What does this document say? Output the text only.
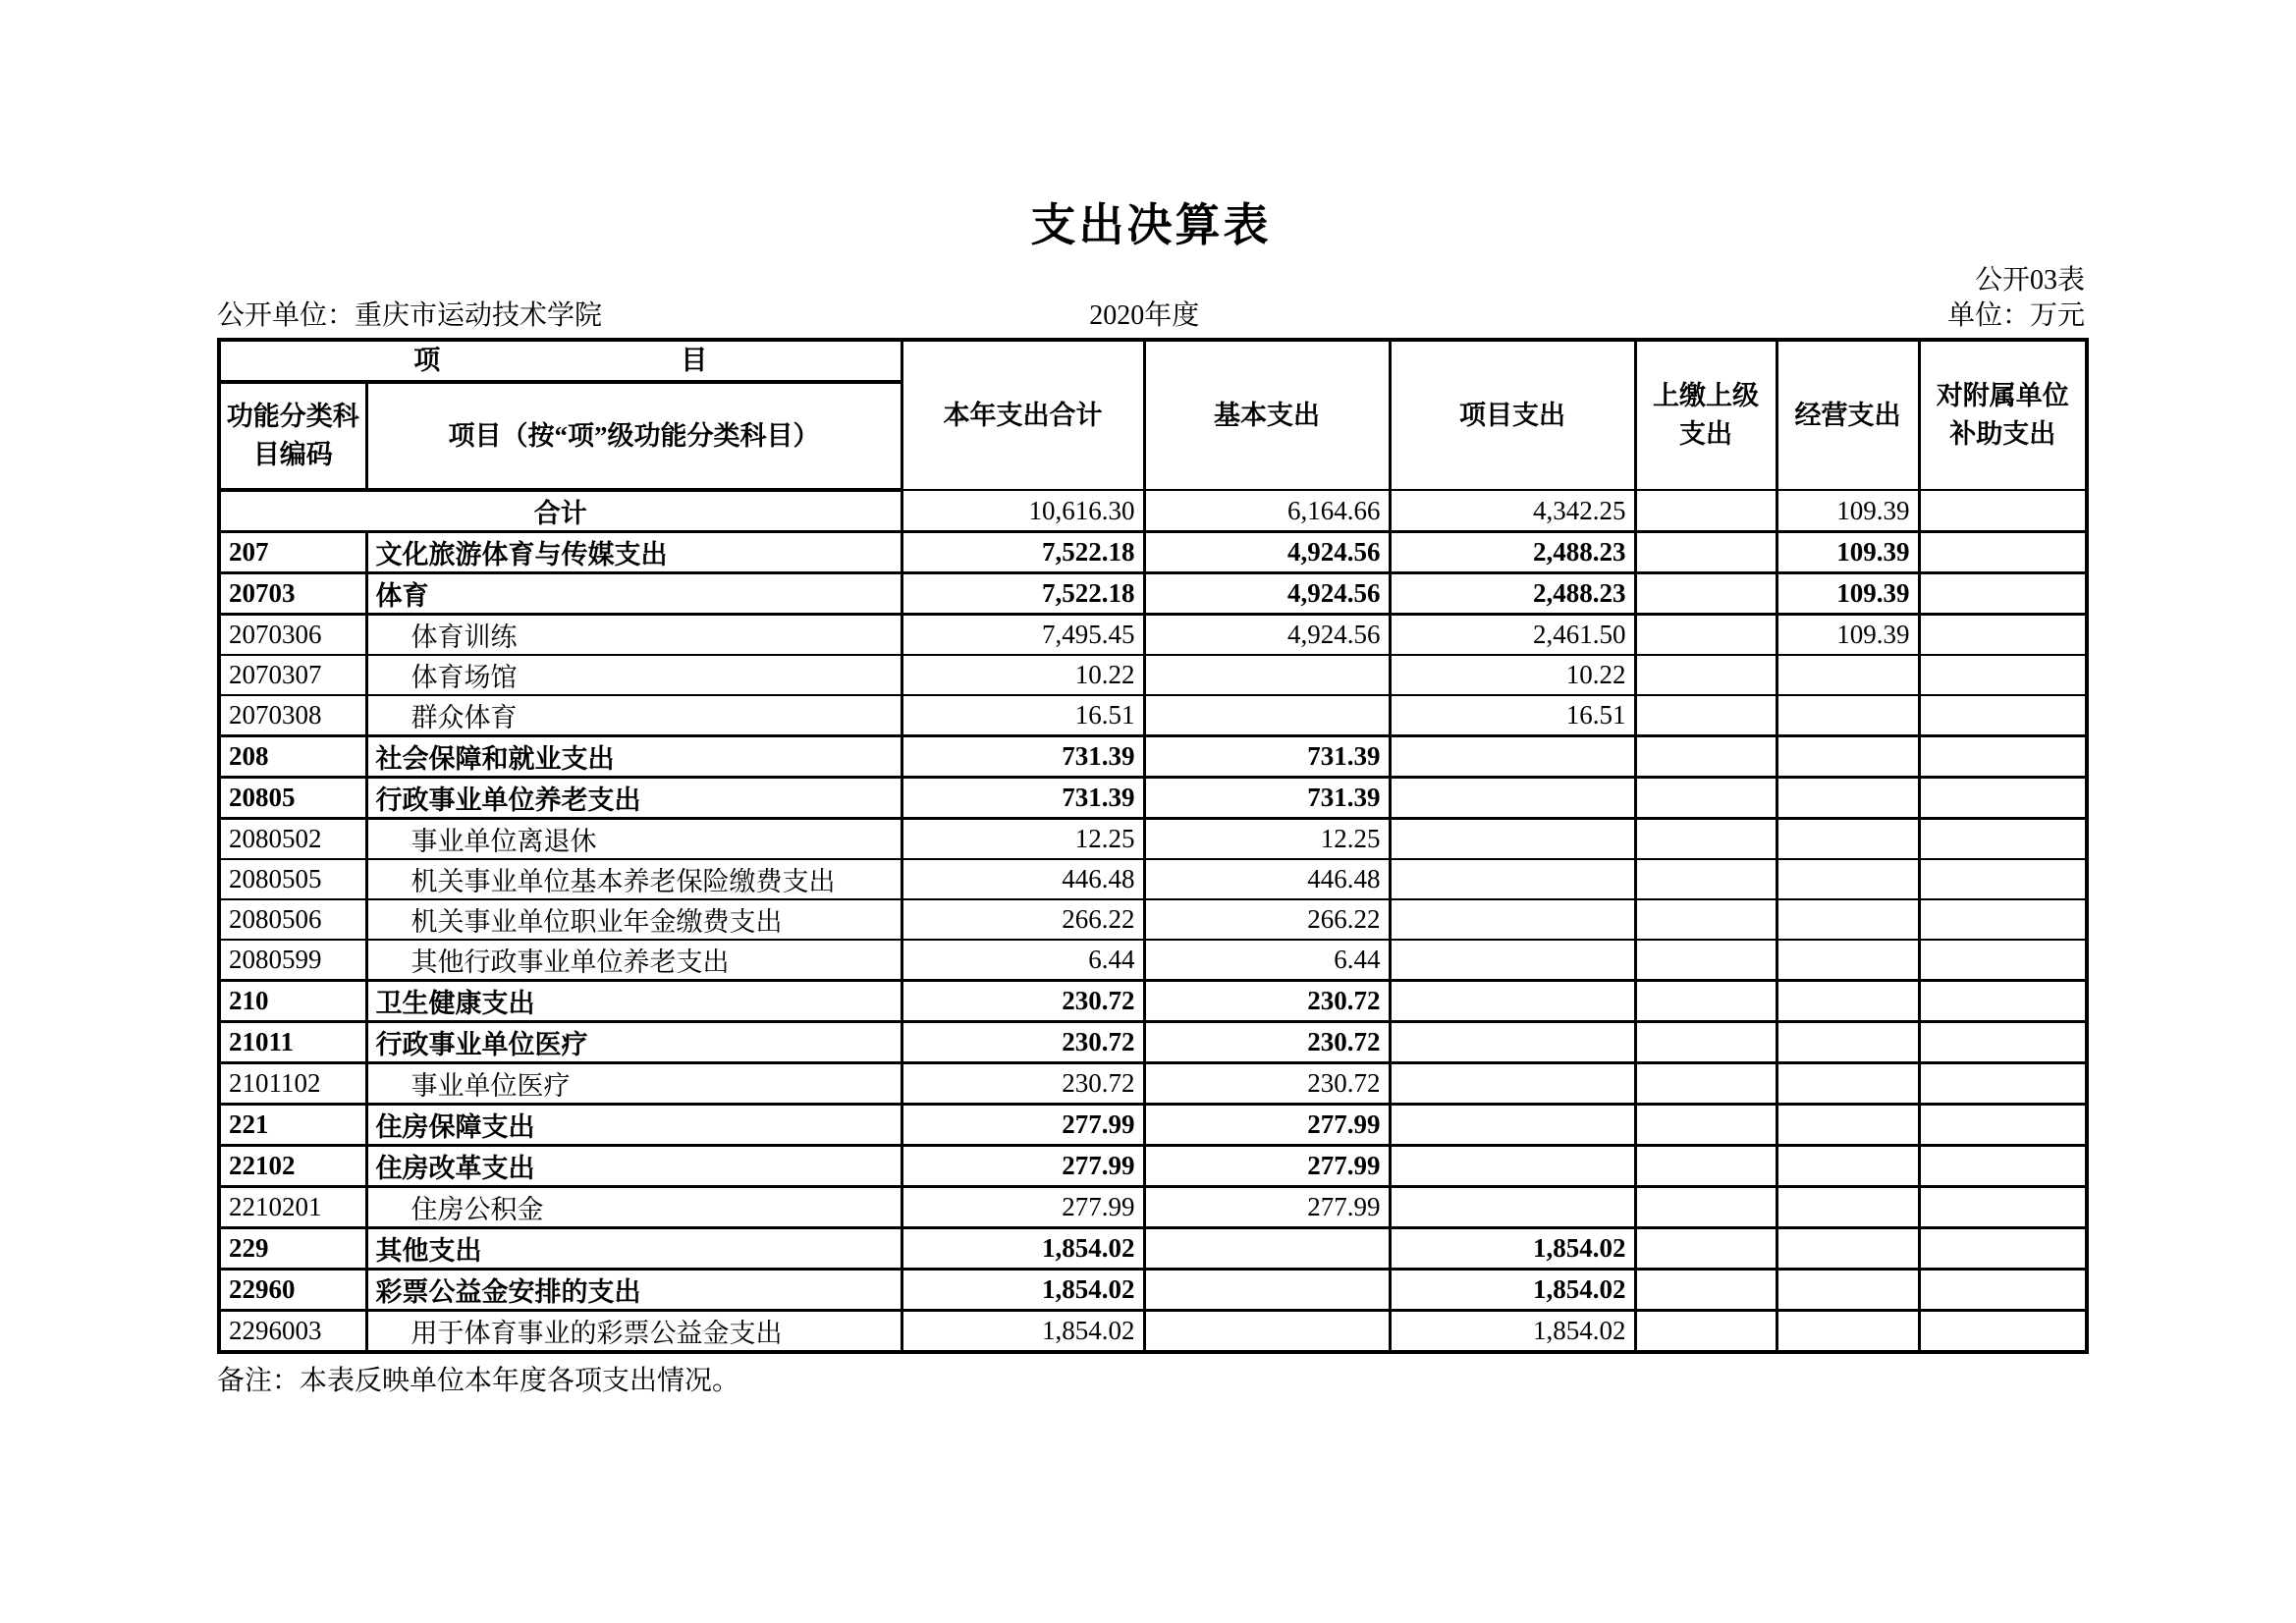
支出决算表
公开03表
公开单位：重庆市运动技术学院	2020年度	单位：万元
项 目		本年支出合计	基本支出	项目支出	上缴上级支出	经营支出	对附属单位补助支出
功能分类科目编码	项目（按“项”级功能分类科目）						
合计		10,616.30	6,164.66	4,342.25		109.39	
207	文化旅游体育与传媒支出	7,522.18	4,924.56	2,488.23		109.39	
20703	体育	7,522.18	4,924.56	2,488.23		109.39	
2070306	体育训练	7,495.45	4,924.56	2,461.50		109.39	
2070307	体育场馆	10.22		10.22			
2070308	群众体育	16.51		16.51			
208	社会保障和就业支出	731.39	731.39				
20805	行政事业单位养老支出	731.39	731.39				
2080502	事业单位离退休	12.25	12.25				
2080505	机关事业单位基本养老保险缴费支出	446.48	446.48				
2080506	机关事业单位职业年金缴费支出	266.22	266.22				
2080599	其他行政事业单位养老支出	6.44	6.44				
210	卫生健康支出	230.72	230.72				
21011	行政事业单位医疗	230.72	230.72				
2101102	事业单位医疗	230.72	230.72				
221	住房保障支出	277.99	277.99				
22102	住房改革支出	277.99	277.99				
2210201	住房公积金	277.99	277.99				
229	其他支出	1,854.02		1,854.02			
22960	彩票公益金安排的支出	1,854.02		1,854.02			
2296003	用于体育事业的彩票公益金支出	1,854.02		1,854.02			
备注：本表反映单位本年度各项支出情况。
